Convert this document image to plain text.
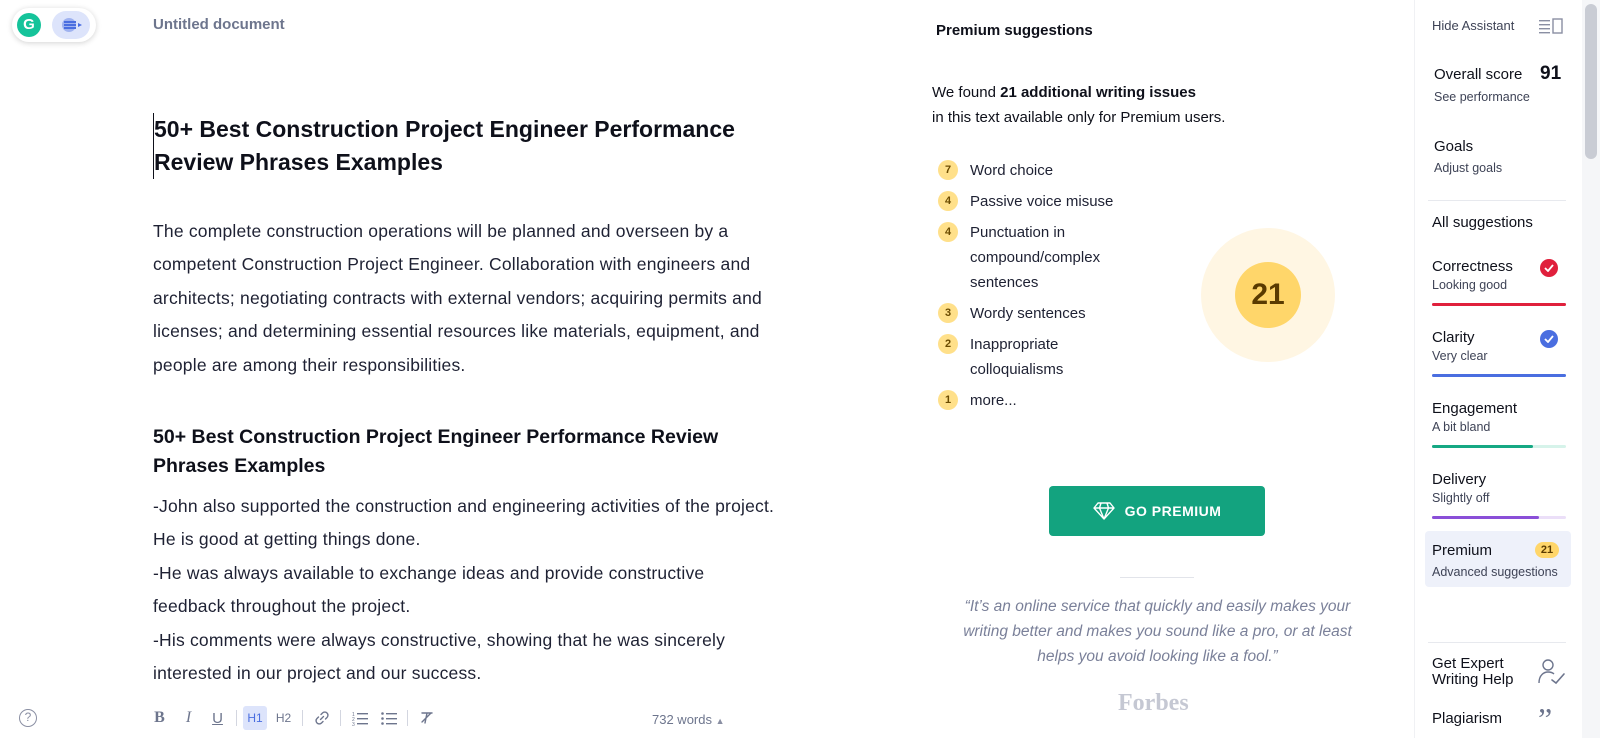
G	Untitled document
50+ Best Construction Project Engineer Performance Review Phrases Examples

The complete construction operations will be planned and overseen by a competent Construction Project Engineer. Collaboration with engineers and architects; negotiating contracts with external vendors; acquiring permits and licenses; and determining essential resources like materials, equipment, and people are among their responsibilities.

50+ Best Construction Project Engineer Performance Review Phrases Examples

-John also supported the construction and engineering activities of the project. He is good at getting things done.

-He was always available to exchange ideas and provide constructive feedback throughout the project.

-His comments were always constructive, showing that he was sincerely interested in our project and our success.

?	B	I	U	H1	H2	1
2
3	732 words ▲
Premium suggestions
We found 21 additional writing issues
in this text available only for Premium users.
7	Word choice
4	Passive voice misuse
4	Punctuation in compound/complex sentences
3	Wordy sentences
2	Inappropriate colloquialisms
1	more...
21
GO PREMIUM
“It’s an online service that quickly and easily makes your writing better and makes you sound like a pro, or at least helps you avoid looking like a fool.”
Forbes
Hide Assistant
Overall score 91
See performance
Goals
Adjust goals
All suggestions
Correctness
Looking good
Clarity
Very clear
Engagement
A bit bland
Delivery
Slightly off
Premium	21
Advanced suggestions
Get Expert Writing Help
Plagiarism ”
